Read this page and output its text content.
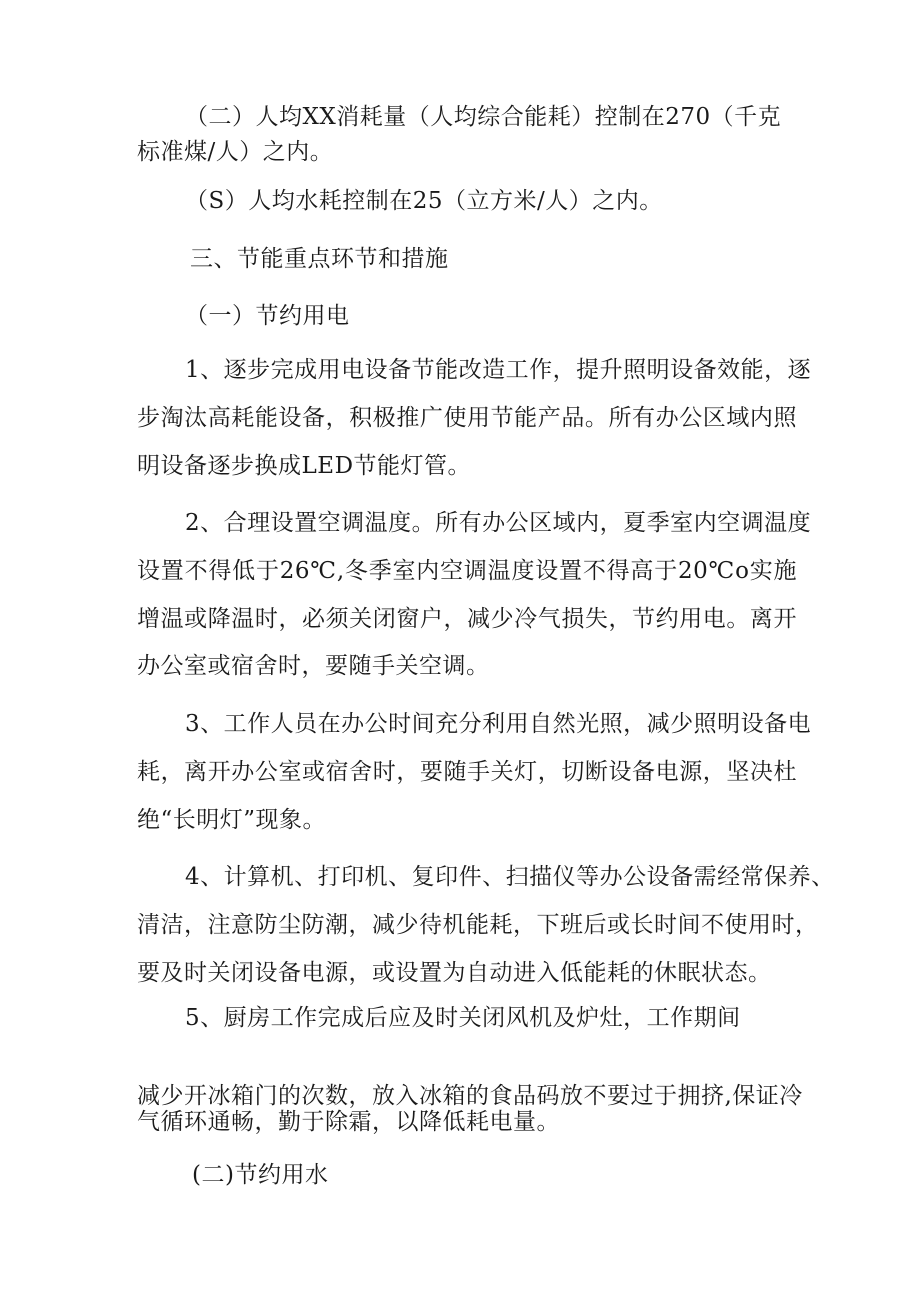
（二）人均XX消耗量（人均综合能耗）控制在270（千克
标准煤/人）之内。
（S）人均水耗控制在25（立方米/人）之内。
三、节能重点环节和措施
（一）节约用电
1、逐步完成用电设备节能改造工作，提升照明设备效能，逐
步淘汰高耗能设备，积极推广使用节能产品。所有办公区域内照
明设备逐步换成LED节能灯管。
2、合理设置空调温度。所有办公区域内，夏季室内空调温度
设置不得低于26℃,冬季室内空调温度设置不得高于20℃o实施
增温或降温时，必须关闭窗户，减少冷气损失，节约用电。离开
办公室或宿舍时，要随手关空调。
3、工作人员在办公时间充分利用自然光照，减少照明设备电
耗，离开办公室或宿舍时，要随手关灯，切断设备电源，坚决杜
绝“长明灯”现象。
4、计算机、打印机、复印件、扫描仪等办公设备需经常保养、
清洁，注意防尘防潮，减少待机能耗，下班后或长时间不使用时，
要及时关闭设备电源，或设置为自动进入低能耗的休眠状态。
5、厨房工作完成后应及时关闭风机及炉灶，工作期间
减少开冰箱门的次数，放入冰箱的食品码放不要过于拥挤,保证冷
气循环通畅，勤于除霜，以降低耗电量。
(二)节约用水
